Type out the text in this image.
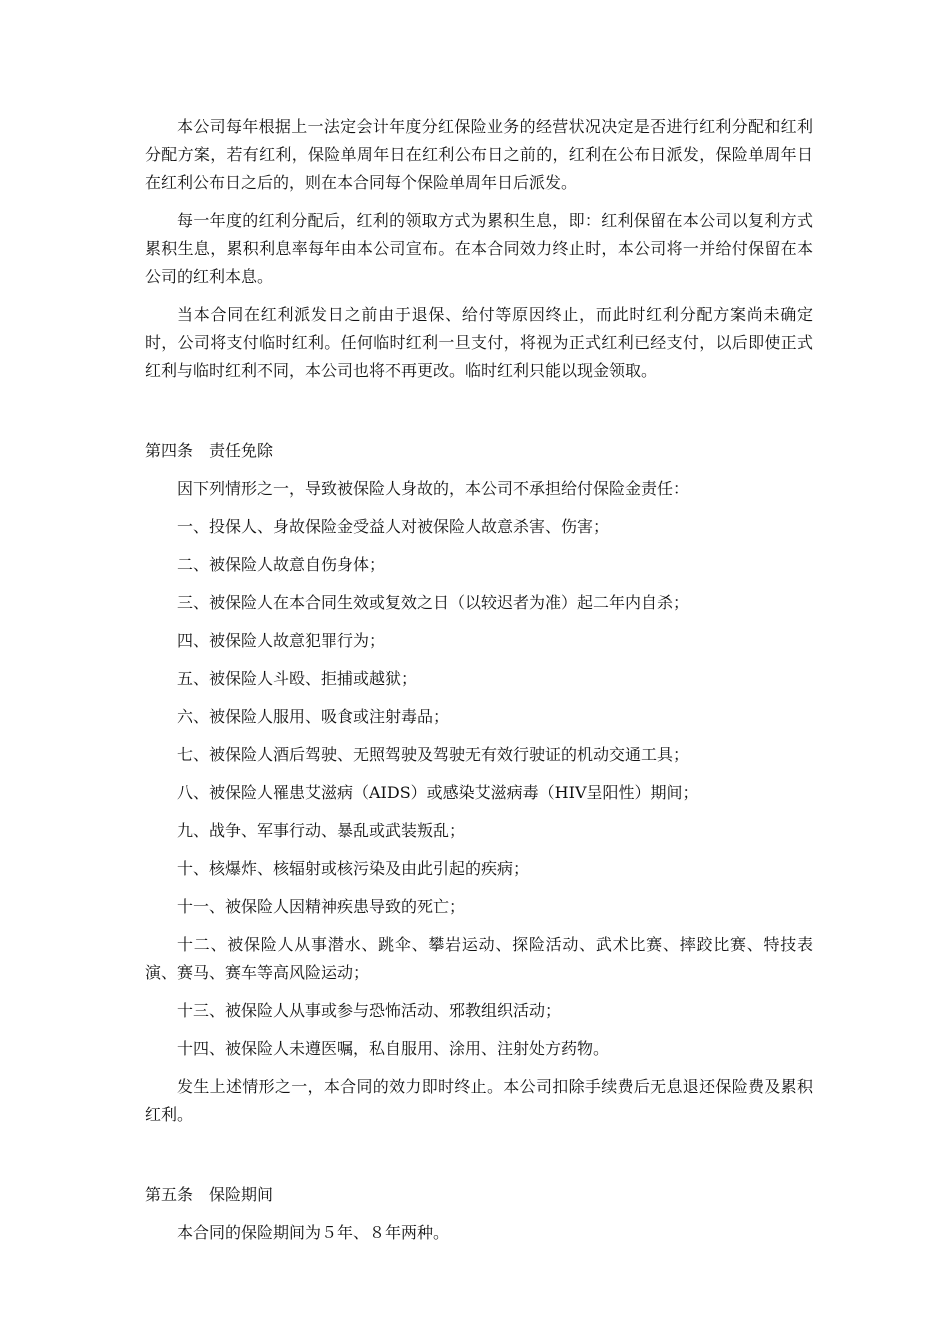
本公司每年根据上一法定会计年度分红保险业务的经营状况决定是否进行红利分配和红利分配方案，若有红利，保险单周年日在红利公布日之前的，红利在公布日派发，保险单周年日在红利公布日之后的，则在本合同每个保险单周年日后派发。

每一年度的红利分配后，红利的领取方式为累积生息，即：红利保留在本公司以复利方式累积生息，累积利息率每年由本公司宣布。在本合同效力终止时，本公司将一并给付保留在本公司的红利本息。

当本合同在红利派发日之前由于退保、给付等原因终止，而此时红利分配方案尚未确定时，公司将支付临时红利。任何临时红利一旦支付，将视为正式红利已经支付，以后即使正式红利与临时红利不同，本公司也将不再更改。临时红利只能以现金领取。

第四条　责任免除

因下列情形之一，导致被保险人身故的，本公司不承担给付保险金责任：

一、投保人、身故保险金受益人对被保险人故意杀害、伤害；

二、被保险人故意自伤身体；

三、被保险人在本合同生效或复效之日（以较迟者为准）起二年内自杀；

四、被保险人故意犯罪行为；

五、被保险人斗殴、拒捕或越狱；

六、被保险人服用、吸食或注射毒品；

七、被保险人酒后驾驶、无照驾驶及驾驶无有效行驶证的机动交通工具；

八、被保险人罹患艾滋病（AIDS）或感染艾滋病毒（HIV呈阳性）期间；

九、战争、军事行动、暴乱或武装叛乱；

十、核爆炸、核辐射或核污染及由此引起的疾病；

十一、被保险人因精神疾患导致的死亡；

十二、被保险人从事潜水、跳伞、攀岩运动、探险活动、武术比赛、摔跤比赛、特技表演、赛马、赛车等高风险运动；

十三、被保险人从事或参与恐怖活动、邪教组织活动；

十四、被保险人未遵医嘱，私自服用、涂用、注射处方药物。

发生上述情形之一，本合同的效力即时终止。本公司扣除手续费后无息退还保险费及累积红利。

第五条　保险期间

本合同的保险期间为５年、８年两种。
